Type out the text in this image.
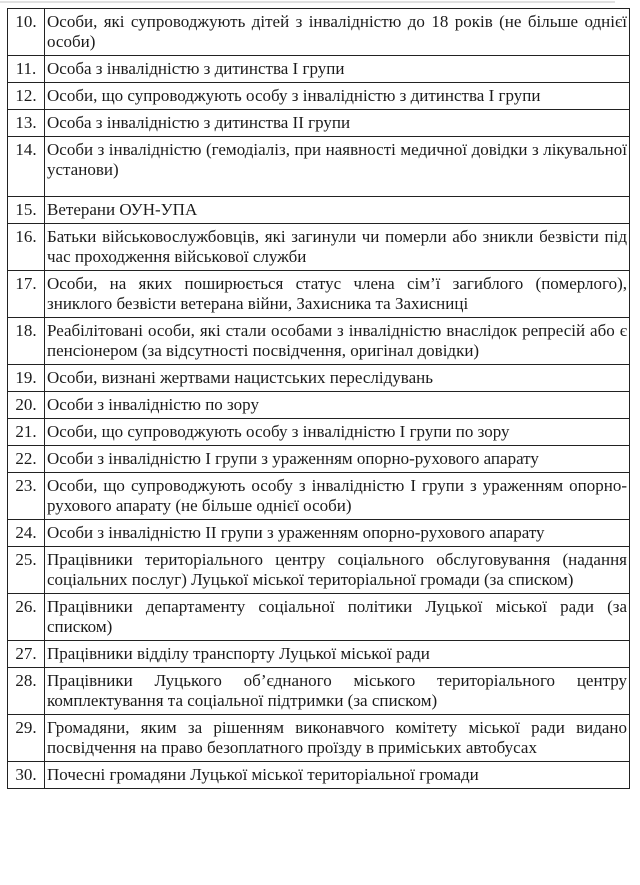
10.	Особи, які супроводжують дітей з інвалідністю до 18 років (не більше однієї особи)
11.	Особа з інвалідністю з дитинства І групи
12.	Особи, що супроводжують особу з інвалідністю з дитинства І групи
13.	Особа з інвалідністю з дитинства ІІ групи
14.	Особи з інвалідністю (гемодіаліз, при наявності медичної довідки з лікувальної установи)
15.	Ветерани ОУН-УПА
16.	Батьки військовослужбовців, які загинули чи померли або зникли безвісти під час проходження військової служби
17.	Особи, на яких поширюється статус члена сім’ї загиблого (померлого), зниклого безвісти ветерана війни, Захисника та Захисниці
18.	Реабілітовані особи, які стали особами з інвалідністю внаслідок репресій або є пенсіонером (за відсутності посвідчення, оригінал довідки)
19.	Особи, визнані жертвами нацистських переслідувань
20.	Особи з інвалідністю по зору
21.	Особи, що супроводжують особу з інвалідністю І групи по зору
22.	Особи з інвалідністю І групи з ураженням опорно-рухового апарату
23.	Особи, що супроводжують особу з інвалідністю І групи з ураженням опорно-рухового апарату (не більше однієї особи)
24.	Особи з інвалідністю ІІ групи з ураженням опорно-рухового апарату
25.	Працівники територіального центру соціального обслуговування (надання соціальних послуг) Луцької міської територіальної громади (за списком)
26.	Працівники департаменту соціальної політики Луцької міської ради (за списком)
27.	Працівники відділу транспорту Луцької міської ради
28.	Працівники Луцького об’єднаного міського територіального центру комплектування та соціальної підтримки (за списком)
29.	Громадяни, яким за рішенням виконавчого комітету міської ради видано посвідчення на право безоплатного проїзду в приміських автобусах
30.	Почесні громадяни Луцької міської територіальної громади
